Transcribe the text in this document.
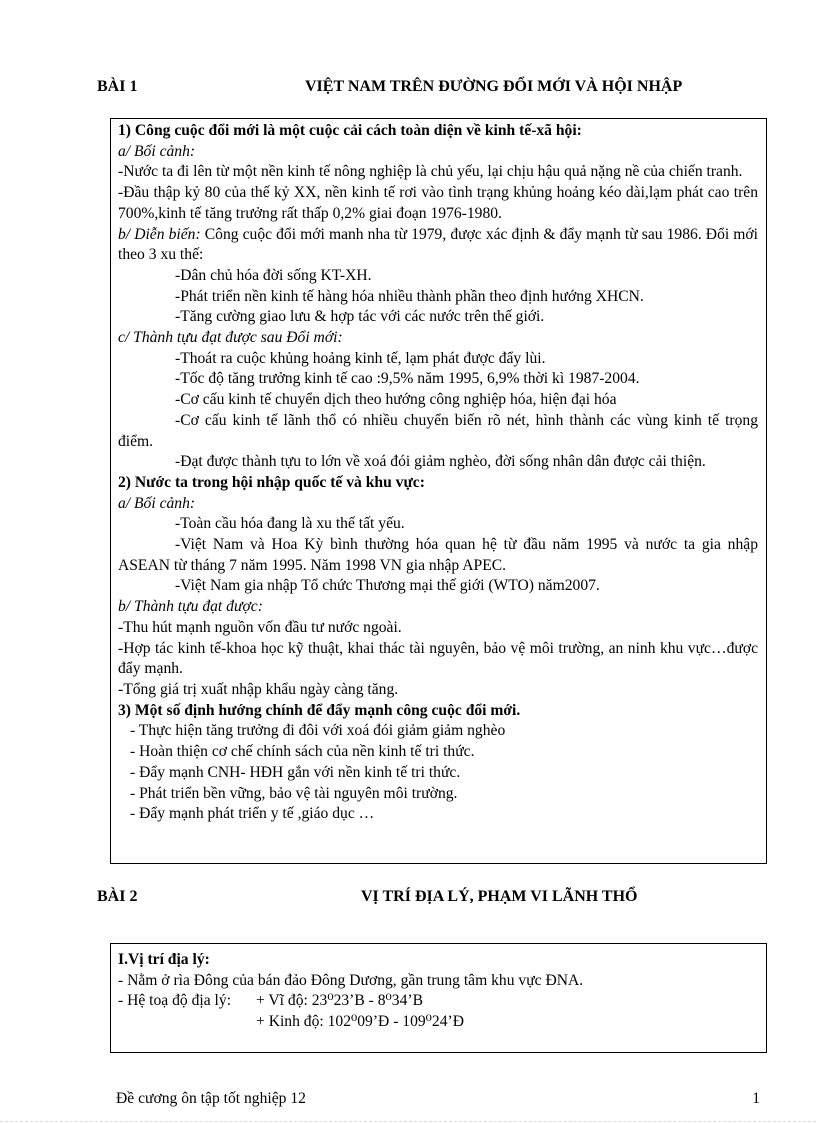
BÀI 1	VIỆT NAM TRÊN ĐƯỜNG ĐỔI MỚI VÀ HỘI NHẬP

1) Công cuộc đổi mới là một cuộc cải cách toàn diện về kinh tế-xã hội:

a/ Bối cảnh:

-Nước ta đi lên từ một nền kinh tế nông nghiệp là chủ yếu, lại chịu hậu quả nặng nề của chiến tranh.

-Đầu thập kỷ 80 của thế kỷ XX, nền kinh tế rơi vào tình trạng khủng hoảng kéo dài,lạm phát cao trên 700%,kinh tế tăng trưởng rất thấp 0,2% giai đoạn 1976-1980.

b/ Diễn biến: Công cuộc đổi mới manh nha từ 1979, được xác định & đẩy mạnh từ sau 1986. Đổi mới theo 3 xu thế:

-Dân chủ hóa đời sống KT-XH.

-Phát triển nền kinh tế hàng hóa nhiều thành phần theo định hướng XHCN.

-Tăng cường giao lưu & hợp tác với các nước trên thế giới.

c/ Thành tựu đạt được sau Đổi mới:

-Thoát ra cuộc khủng hoảng kinh tế, lạm phát được đẩy lùi.

-Tốc độ tăng trưởng kinh tế cao :9,5% năm 1995, 6,9% thời kì 1987-2004.

-Cơ cấu kinh tế chuyển dịch theo hướng công nghiệp hóa, hiện đại hóa

-Cơ cấu kinh tế lãnh thổ có nhiều chuyển biến rõ nét, hình thành các vùng kinh tế trọng điểm.

-Đạt được thành tựu to lớn về xoá đói giảm nghèo, đời sống nhân dân được cải thiện.

2) Nước ta trong hội nhập quốc tế và khu vực:

a/ Bối cảnh:

-Toàn cầu hóa đang là xu thế tất yếu.

-Việt Nam và Hoa Kỳ bình thường hóa quan hệ từ đầu năm 1995 và nước ta gia nhập ASEAN từ tháng 7 năm 1995. Năm 1998 VN gia nhập APEC.

-Việt Nam gia nhập Tổ chức Thương mại thế giới (WTO) năm2007.

b/ Thành tựu đạt được:

-Thu hút mạnh nguồn vốn đầu tư nước ngoài.

-Hợp tác kinh tế-khoa học kỹ thuật, khai thác tài nguyên, bảo vệ môi trường, an ninh khu vực…được đẩy mạnh.

-Tổng giá trị xuất nhập khẩu ngày càng tăng.

3) Một số định hướng chính để đẩy mạnh công cuộc đổi mới.

- Thực hiện tăng trưởng đi đôi với xoá đói giảm giảm nghèo

- Hoàn thiện cơ chế chính sách của nền kinh tế tri thức.

- Đẩy mạnh CNH- HĐH gắn với nền kinh tế tri thức.

- Phát triển bền vững, bảo vệ tài nguyên môi trường.

- Đẩy mạnh phát triển y tế ,giáo dục …

BÀI 2	VỊ TRÍ ĐỊA LÝ, PHẠM VI LÃNH THỔ

I.Vị trí địa lý:

- Nằm ở rìa Đông của bán đảo Đông Dương, gần trung tâm khu vực ĐNA.

- Hệ toạ độ địa lý:	+ Vĩ độ: 23⁰23’B - 8⁰34’B
+ Kinh độ: 102⁰09’Đ - 109⁰24’Đ
Đề cương ôn tập tốt nghiệp 12	1
